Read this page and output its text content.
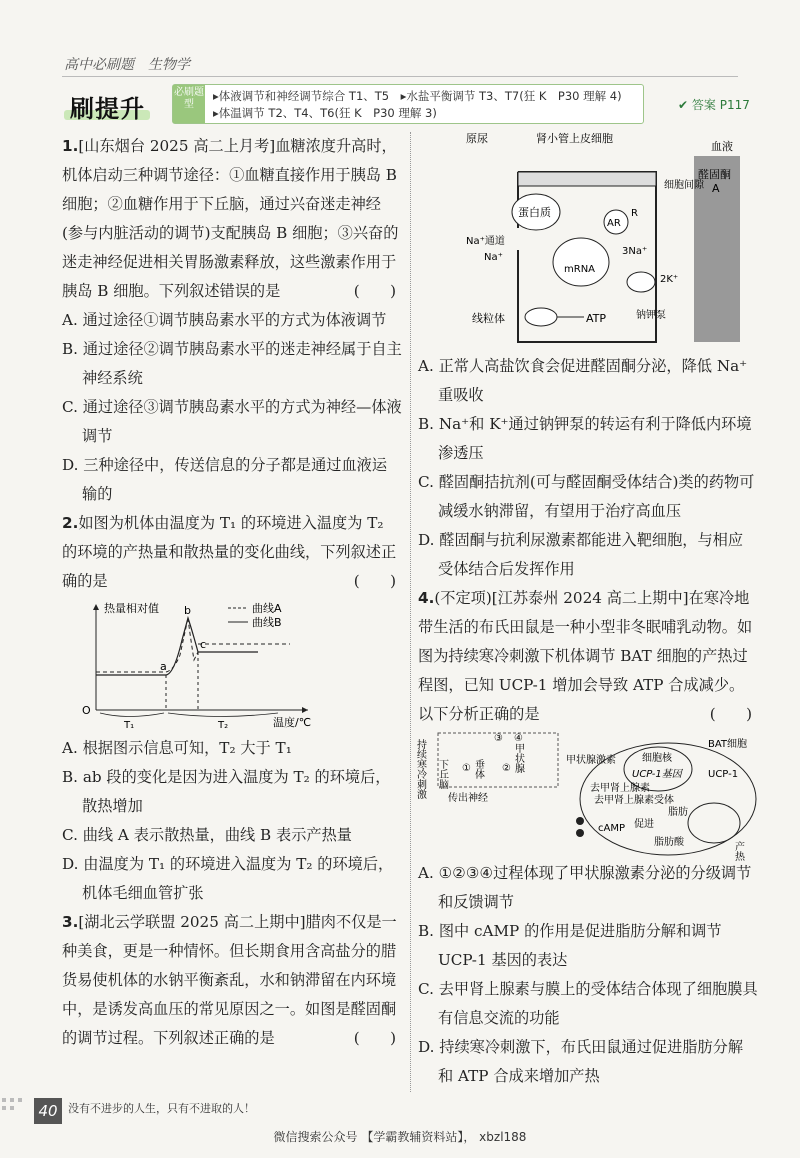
高中必刷题　生物学
刷提升
必刷题型
▸体液调节和神经调节综合 T1、T5　▸水盐平衡调节 T3、T7(狂 K　P30 理解 4)
▸体温调节 T2、T4、T6(狂 K　P30 理解 3)
✔ 答案 P117

1.[山东烟台 2025 高二上月考]血糖浓度升高时，机体启动三种调节途径：①血糖直接作用于胰岛 B 细胞；②血糖作用于下丘脑，通过兴奋迷走神经(参与内脏活动的调节)支配胰岛 B 细胞；③兴奋的迷走神经促进相关胃肠激素释放，这些激素作用于胰岛 B 细胞。下列叙述错误的是	(　　)

A. 通过途径①调节胰岛素水平的方式为体液调节

B. 通过途径②调节胰岛素水平的迷走神经属于自主神经系统

C. 通过途径③调节胰岛素水平的方式为神经—体液调节

D. 三种途径中，传送信息的分子都是通过血液运输的

2.如图为机体由温度为 T₁ 的环境进入温度为 T₂ 的环境的产热量和散热量的变化曲线，下列叙述正确的是	(　　)

热量相对值
温度/℃
O
a
b
c
T₁	T₂
曲线A
曲线B

A. 根据图示信息可知，T₂ 大于 T₁

B. ab 段的变化是因为进入温度为 T₂ 的环境后，散热增加

C. 曲线 A 表示散热量，曲线 B 表示产热量

D. 由温度为 T₁ 的环境进入温度为 T₂ 的环境后，机体毛细血管扩张

3.[湖北云学联盟 2025 高二上期中]腊肉不仅是一种美食，更是一种情怀。但长期食用含高盐分的腊货易使机体的水钠平衡紊乱，水和钠滞留在内环境中，是诱发高血压的常见原因之一。如图是醛固酮的调节过程。下列叙述正确的是	(　　)

原尿	肾小管上皮细胞
血液
醛固酮
A
细胞间隙
蛋白质
AR
R
mRNA
Na⁺通道
Na⁺
3Na⁺
2K⁺
钠钾泵
线粒体	ATP

A. 正常人高盐饮食会促进醛固酮分泌，降低 Na⁺重吸收

B. Na⁺和 K⁺通过钠钾泵的转运有利于降低内环境渗透压

C. 醛固酮拮抗剂(可与醛固酮受体结合)类的药物可减缓水钠滞留，有望用于治疗高血压

D. 醛固酮与抗利尿激素都能进入靶细胞，与相应受体结合后发挥作用

4.(不定项)[江苏泰州 2024 高二上期中]在寒冷地带生活的布氏田鼠是一种小型非冬眠哺乳动物。如图为持续寒冷刺激下机体调节 BAT 细胞的产热过程图，已知 UCP-1 增加会导致 ATP 合成减少。以下分析正确的是	(　　)

持续寒冷刺激 下丘脑	垂体	甲状腺
①	②
③ ④
传出神经
甲状腺激素
BAT细胞
细胞核
UCP-1基因	UCP-1
去甲肾上腺素
去甲肾上腺素受体
cAMP 促进
脂肪
脂肪酸	产热

A. ①②③④过程体现了甲状腺激素分泌的分级调节和反馈调节

B. 图中 cAMP 的作用是促进脂肪分解和调节 UCP-1 基因的表达

C. 去甲肾上腺素与膜上的受体结合体现了细胞膜具有信息交流的功能

D. 持续寒冷刺激下，布氏田鼠通过促进脂肪分解和 ATP 合成来增加产热

40 没有不进步的人生，只有不进取的人！
微信搜索公众号 【学霸教辅资料站】， xbzl188
